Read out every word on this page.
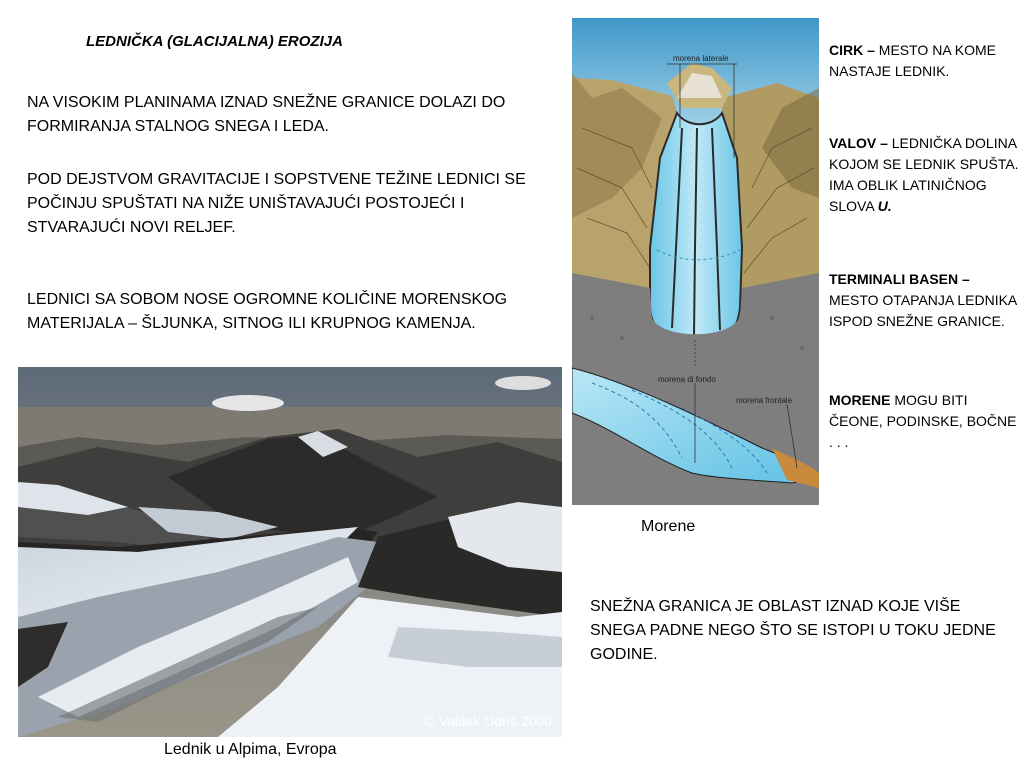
LEDNIČKA (GLACIJALNA) EROZIJA
NA VISOKIM PLANINAMA IZNAD SNEŽNE GRANICE DOLAZI DO FORMIRANJA STALNOG SNEGA I LEDA.
POD DEJSTVOM GRAVITACIJE I SOPSTVENE TEŽINE LEDNICI SE POČINJU SPUŠTATI NA NIŽE UNIŠTAVAJUĆI POSTOJEĆI I STVARAJUĆI NOVI RELJEF.
LEDNICI SA SOBOM NOSE OGROMNE KOLIČINE MORENSKOG MATERIJALA – ŠLJUNKA, SITNOG ILI KRUPNOG KAMENJA.
© Valdek Udris 2000
Lednik u Alpima, Evropa
morena laterale
morena di fondo
morena frontale
Morene
CIRK – MESTO NA KOME NASTAJE LEDNIK.
VALOV – LEDNIČKA DOLINA KOJOM SE LEDNIK SPUŠTA. IMA OBLIK LATINIČNOG SLOVA U.
TERMINALI BASEN – MESTO OTAPANJA LEDNIKA ISPOD SNEŽNE GRANICE.
MORENE MOGU BITI ČEONE, PODINSKE, BOČNE . . .
SNEŽNA GRANICA JE OBLAST IZNAD KOJE VIŠE SNEGA PADNE NEGO ŠTO SE ISTOPI U TOKU JEDNE GODINE.
